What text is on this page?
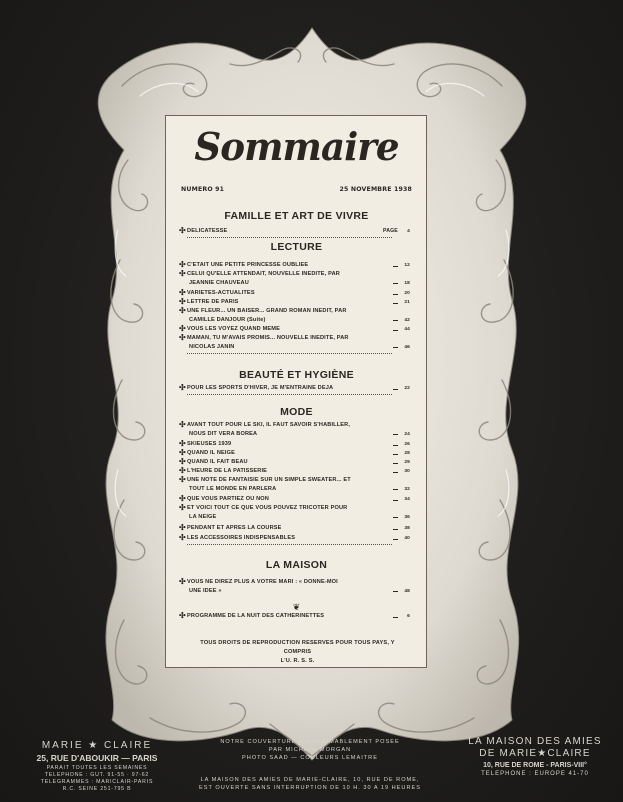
Sommaire
NUMERO 91	25 NOVEMBRE 1938
FAMILLE ET ART DE VIVRE
✣ DELICATESSE	PAGE	4
LECTURE
✣ C'ETAIT UNE PETITE PRINCESSE OUBLIEE	12
✣ CELUI QU'ELLE ATTENDAIT, NOUVELLE INEDITE, PAR
JEANNIE CHAUVEAU	18
✣ VARIETES-ACTUALITES	20
✣ LETTRE DE PARIS	21
✣ UNE FLEUR... UN BAISER... GRAND ROMAN INEDIT, PAR
CAMILLE DANJOUR (Suite)	42
✣ VOUS LES VOYEZ QUAND MEME	44
✣ MAMAN, TU M'AVAIS PROMIS... NOUVELLE INEDITE, PAR
NICOLAS JANIN	46
BEAUTÉ ET HYGIÈNE
✣ POUR LES SPORTS D'HIVER, JE M'ENTRAINE DEJA	22
MODE
✣ AVANT TOUT POUR LE SKI, IL FAUT SAVOIR S'HABILLER,
NOUS DIT VERA BOREA	24
✣ SKIEUSES 1939	26
✣ QUAND IL NEIGE	28
✣ QUAND IL FAIT BEAU	29
✣ L'HEURE DE LA PATISSERIE	30
✣ UNE NOTE DE FANTAISIE SUR UN SIMPLE SWEATER... ET
TOUT LE MONDE EN PARLERA	32
✣ QUE VOUS PARTIEZ OU NON	34
✣ ET VOICI TOUT CE QUE VOUS POUVEZ TRICOTER POUR
LA NEIGE	36
✣ PENDANT ET APRES LA COURSE	38
✣ LES ACCESSOIRES INDISPENSABLES	40
LA MAISON
✣ VOUS NE DIREZ PLUS A VOTRE MARI : « DONNE-MOI
UNE IDEE »	48
✣ PROGRAMME DE LA NUIT DES CATHERINETTES	6
❦
TOUS DROITS DE REPRODUCTION RESERVES POUR TOUS PAYS, Y COMPRIS
L'U. R. S. S.
MARIE ★ CLAIRE
25, RUE D'ABOUKIR — PARIS
PARAIT TOUTES LES SEMAINES
TELEPHONE : GUT. 91-55 · 97-62
TELEGRAMMES : MARICLAIR-PARIS
R.C. SEINE 251-795 B
NOTRE COUVERTURE A ETE AIMABLEMENT POSEE
PAR MICHELE MORGAN
PHOTO SAAD — COULEURS LEMAITRE
LA MAISON DES AMIES DE MARIE-CLAIRE, 10, RUE DE ROME,
EST OUVERTE SANS INTERRUPTION DE 10 H. 30 A 19 HEURES
LA MAISON DES AMIES
DE MARIE★CLAIRE
10, RUE DE ROME - PARIS-VIII°
TELEPHONE : EUROPE 41-70
